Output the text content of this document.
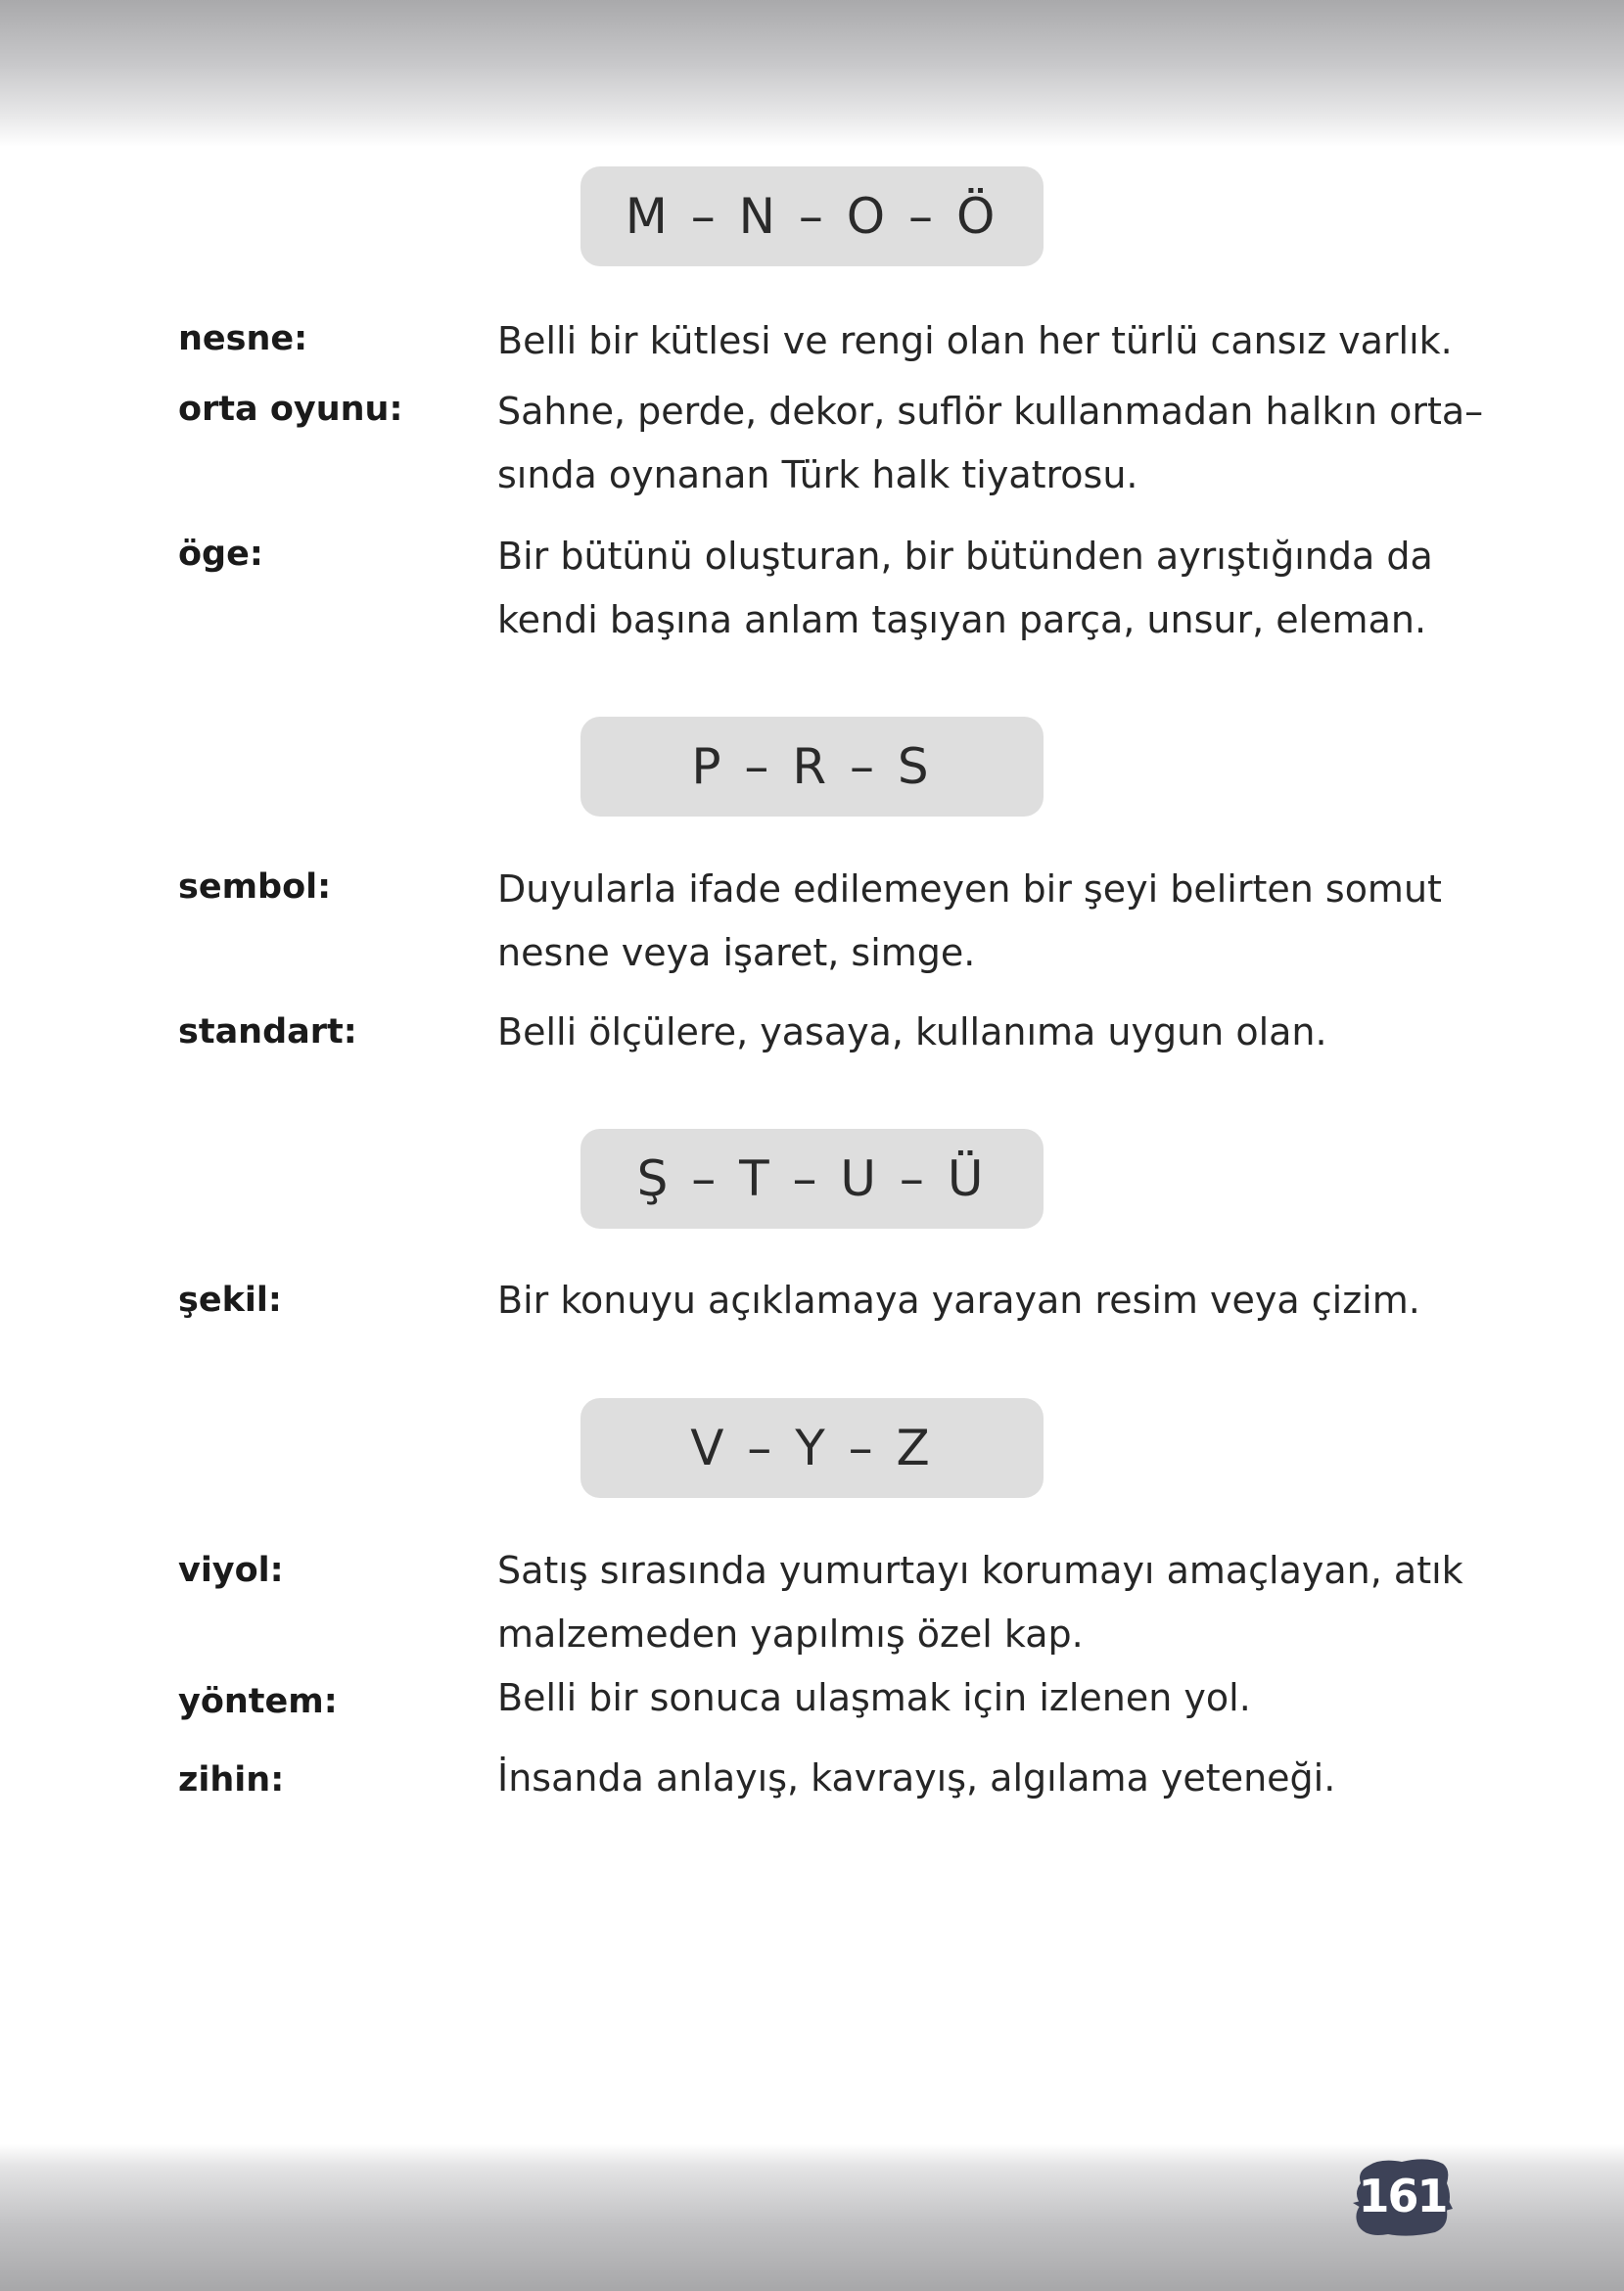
M – N – O – Ö
nesne:	Belli bir kütlesi ve rengi olan her türlü cansız varlık.
orta oyunu:	Sahne, perde, dekor, suflör kullanmadan halkın orta–
sında oynanan Türk halk tiyatrosu.
öge:	Bir bütünü oluşturan, bir bütünden ayrıştığında da
kendi başına anlam taşıyan parça, unsur, eleman.
P – R – S
sembol:	Duyularla ifade edilemeyen bir şeyi belirten somut
nesne veya işaret, simge.
standart:	Belli ölçülere, yasaya, kullanıma uygun olan.
Ş – T – U – Ü
şekil:	Bir konuyu açıklamaya yarayan resim veya çizim.
V – Y – Z
viyol:	Satış sırasında yumurtayı korumayı amaçlayan, atık
malzemeden yapılmış özel kap.
yöntem:	Belli bir sonuca ulaşmak için izlenen yol.
zihin:	İnsanda anlayış, kavrayış, algılama yeteneği.
161
